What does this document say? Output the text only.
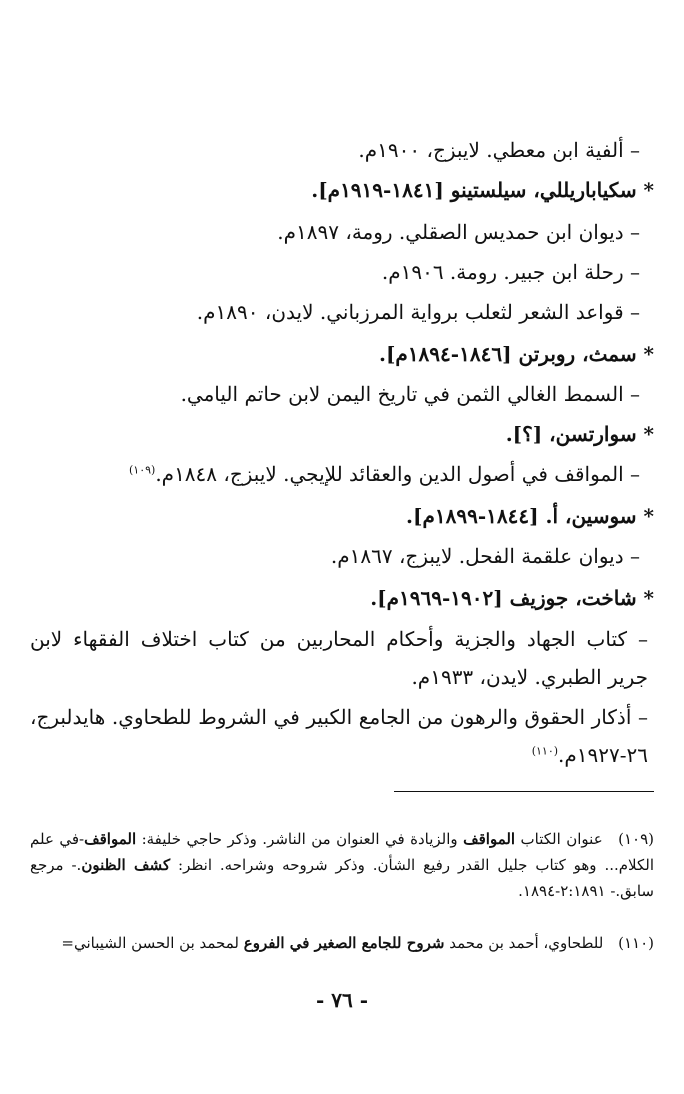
– ألفية ابن معطي. لايبزج، ١٩٠٠م.
* سكياباريللي، سيلستينو [١٨٤١-١٩١٩م].
– ديوان ابن حمديس الصقلي. رومة، ١٨٩٧م.
– رحلة ابن جبير. رومة. ١٩٠٦م.
– قواعد الشعر لثعلب برواية المرزباني. لايدن، ١٨٩٠م.
* سمث، روبرتن [١٨٤٦-١٨٩٤م].
– السمط الغالي الثمن في تاريخ اليمن لابن حاتم اليامي.
* سوارتسن، [؟].
– المواقف في أصول الدين والعقائد للإيجي. لايبزج، ١٨٤٨م.$^{(١٠٩)}$
* سوسين، أ. [١٨٤٤-١٨٩٩م].
– ديوان علقمة الفحل. لايبزج، ١٨٦٧م.
* شاخت، جوزيف [١٩٠٢-١٩٦٩م].
– كتاب الجهاد والجزية وأحكام المحاربين من كتاب اختلاف الفقهاء لابن جرير الطبري. لايدن، ١٩٣٣م.
– أذكار الحقوق والرهون من الجامع الكبير في الشروط للطحاوي. هايدلبرج، ٢٦-١٩٢٧م.$^{(١١٠)}$
(١٠٩) عنوان الكتاب المواقف والزيادة في العنوان من الناشر. وذكر حاجي خليفة: المواقف-في علم الكلام... وهو كتاب جليل القدر رفيع الشأن. وذكر شروحه وشراحه. انظر: كشف الظنون.- مرجع سابق.- ٢:١٨٩١-١٨٩٤.
(١١٠) للطحاوي، أحمد بن محمد شروح للجامع الصغير في الفروع لمحمد بن الحسن الشيباني=
- ٧٦ -
